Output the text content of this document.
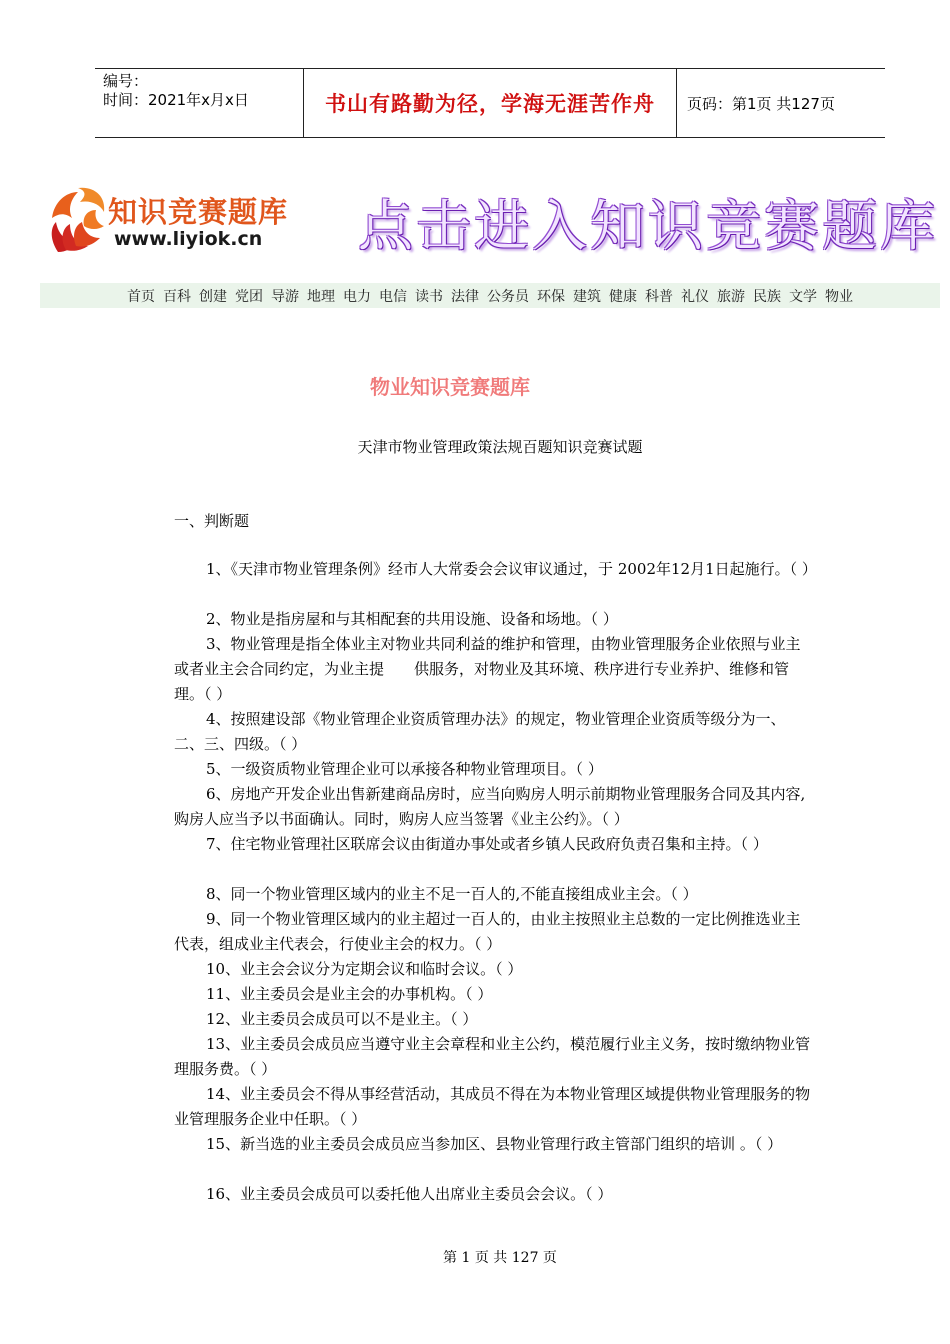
编号：
时间：2021年x月x日	书山有路勤为径，学海无涯苦作舟	页码：第1页 共127页
知识竞赛题库
www.liyiok.cn 点击进入知识竞赛题库
首页 百科 创建 党团 导游 地理 电力 电信 读书 法律 公务员 环保 建筑 健康 科普 礼仪 旅游 民族 文学 物业
物业知识竞赛题库
天津市物业管理政策法规百题知识竞赛试题
一、判断题
1、《天津市物业管理条例》经市人大常委会会议审议通过，于 2002年12月1日起施行。（ ）
2、物业是指房屋和与其相配套的共用设施、设备和场地。（ ）
3、物业管理是指全体业主对物业共同利益的维护和管理，由物业管理服务企业依照与业主或者业主会合同约定，为业主提　　供服务，对物业及其环境、秩序进行专业养护、维修和管理。（ ）
4、按照建设部《物业管理企业资质管理办法》的规定，物业管理企业资质等级分为一、二、三、四级。（ ）
5、一级资质物业管理企业可以承接各种物业管理项目。（ ）
6、房地产开发企业出售新建商品房时，应当向购房人明示前期物业管理服务合同及其内容,购房人应当予以书面确认。同时，购房人应当签署《业主公约》。（ ）
7、住宅物业管理社区联席会议由街道办事处或者乡镇人民政府负责召集和主持。（ ）
8、同一个物业管理区域内的业主不足一百人的,不能直接组成业主会。（ ）
9、同一个物业管理区域内的业主超过一百人的，由业主按照业主总数的一定比例推选业主代表，组成业主代表会，行使业主会的权力。（ ）
10、业主会会议分为定期会议和临时会议。（ ）
11、业主委员会是业主会的办事机构。（ ）
12、业主委员会成员可以不是业主。（ ）
13、业主委员会成员应当遵守业主会章程和业主公约，模范履行业主义务，按时缴纳物业管理服务费。（ ）
14、业主委员会不得从事经营活动，其成员不得在为本物业管理区域提供物业管理服务的物业管理服务企业中任职。（ ）
15、新当选的业主委员会成员应当参加区、县物业管理行政主管部门组织的培训 。（ ）
16、业主委员会成员可以委托他人出席业主委员会会议。（ ）
第 1 页 共 127 页
